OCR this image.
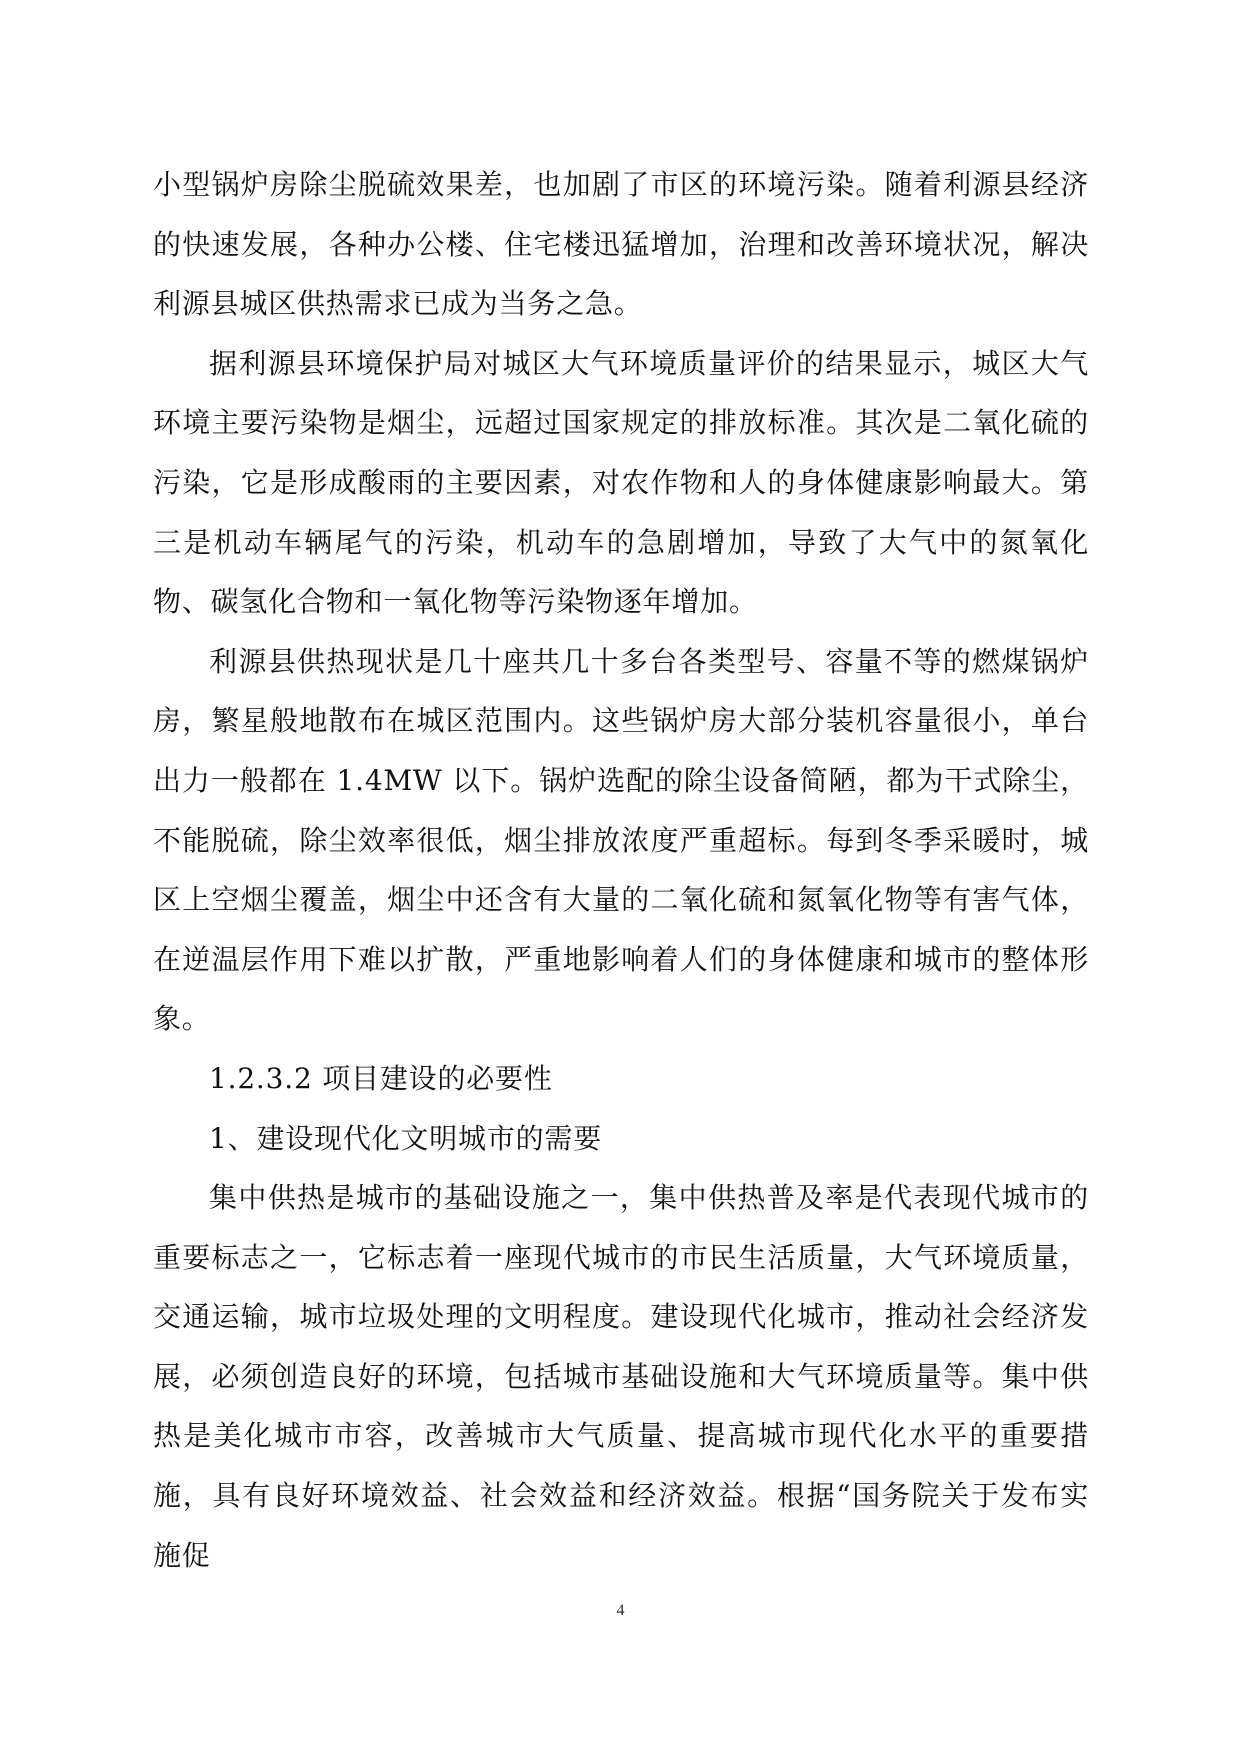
小型锅炉房除尘脱硫效果差，也加剧了市区的环境污染。随着利源县经济的快速发展，各种办公楼、住宅楼迅猛增加，治理和改善环境状况，解决利源县城区供热需求已成为当务之急。

据利源县环境保护局对城区大气环境质量评价的结果显示，城区大气环境主要污染物是烟尘，远超过国家规定的排放标准。其次是二氧化硫的污染，它是形成酸雨的主要因素，对农作物和人的身体健康影响最大。第三是机动车辆尾气的污染，机动车的急剧增加，导致了大气中的氮氧化物、碳氢化合物和一氧化物等污染物逐年增加。

利源县供热现状是几十座共几十多台各类型号、容量不等的燃煤锅炉房，繁星般地散布在城区范围内。这些锅炉房大部分装机容量很小，单台出力一般都在 1.4MW 以下。锅炉选配的除尘设备简陋，都为干式除尘，不能脱硫，除尘效率很低，烟尘排放浓度严重超标。每到冬季采暖时，城区上空烟尘覆盖，烟尘中还含有大量的二氧化硫和氮氧化物等有害气体，在逆温层作用下难以扩散，严重地影响着人们的身体健康和城市的整体形象。

1.2.3.2 项目建设的必要性

1、建设现代化文明城市的需要

集中供热是城市的基础设施之一，集中供热普及率是代表现代城市的重要标志之一，它标志着一座现代城市的市民生活质量，大气环境质量，交通运输，城市垃圾处理的文明程度。建设现代化城市，推动社会经济发展，必须创造良好的环境，包括城市基础设施和大气环境质量等。集中供热是美化城市市容，改善城市大气质量、提高城市现代化水平的重要措施，具有良好环境效益、社会效益和经济效益。根据“国务院关于发布实施促

4
